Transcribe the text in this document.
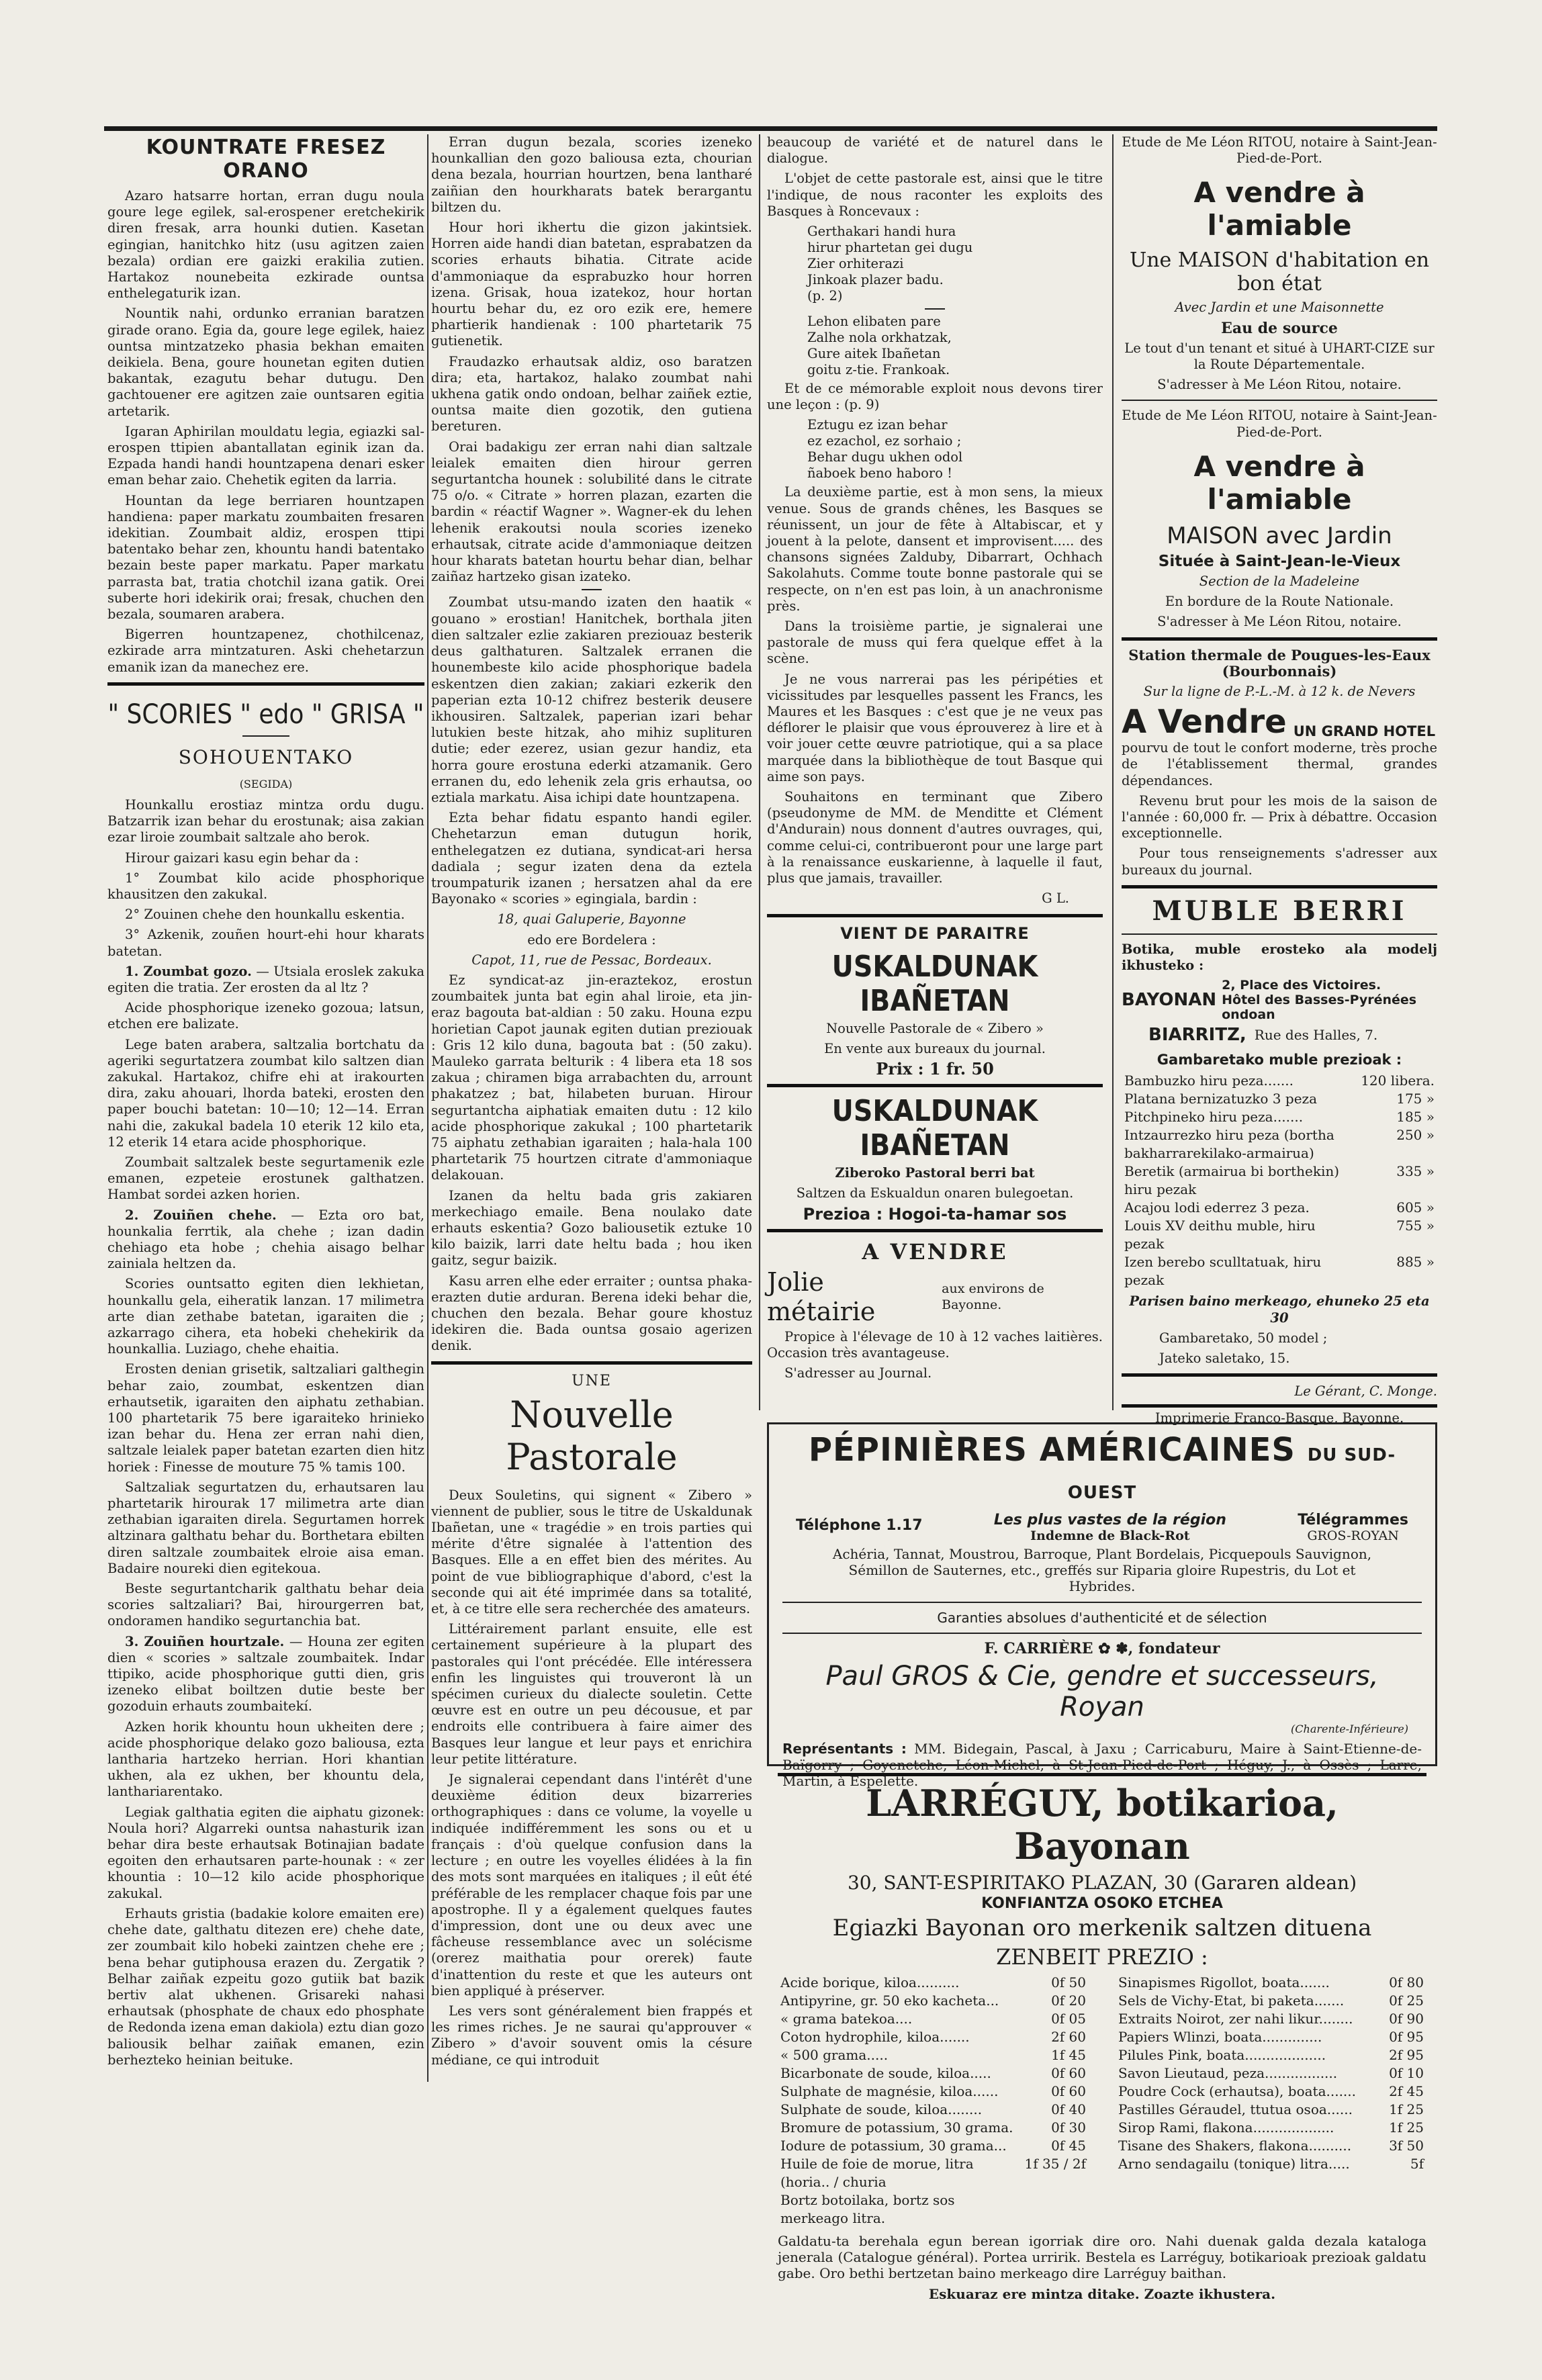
KOUNTRATE FRESEZ ORANO

Azaro hatsarre hortan, erran dugu noula goure lege egilek, sal-erospener eretchekirik diren fresak, arra hounki dutien. Kasetan egingian, hanitchko hitz (usu agitzen zaien bezala) ordian ere gaizki erakilia zutien. Hartakoz nounebeita ezkirade ountsa enthelegaturik izan.

Nountik nahi, ordunko erranian baratzen girade orano. Egia da, goure lege egilek, haiez ountsa mintzatzeko phasia bekhan emaiten deikiela. Bena, goure hounetan egiten dutien bakantak, ezagutu behar dutugu. Den gachtouener ere agitzen zaie ountsaren egitia artetarik.

Igaran Aphirilan mouldatu legia, egiazki sal-erospen ttipien abantallatan eginik izan da. Ezpada handi handi hountzapena denari esker eman behar zaio. Chehetik egiten da larria.

Hountan da lege berriaren hountzapen handiena: paper markatu zoumbaiten fresaren idekitian. Zoumbait aldiz, erospen ttipi batentako behar zen, khountu handi batentako bezain beste paper markatu. Paper markatu parrasta bat, tratia chotchil izana gatik. Orei suberte hori idekirik orai; fresak, chuchen den bezala, soumaren arabera.

Bigerren hountzapenez, chothilcenaz, ezkirade arra mintzaturen. Aski chehetarzun emanik izan da manechez ere.

" SCORIES " edo " GRISA "
SOHOUENTAKO
(SEGIDA)

Hounkallu erostiaz mintza ordu dugu. Batzarrik izan behar du erostunak; aisa zakian ezar liroie zoumbait saltzale aho berok.

Hirour gaizari kasu egin behar da :

1° Zoumbat kilo acide phosphorique khausitzen den zakukal.

2° Zouinen chehe den hounkallu eskentia.

3° Azkenik, zouñen hourt-ehi hour kharats batetan.

1. Zoumbat gozo. — Utsiala eroslek zakuka egiten die tratia. Zer erosten da al ltz ?

Acide phosphorique izeneko gozoua; latsun, etchen ere balizate.

Lege baten arabera, saltzalia bortchatu da ageriki segurtatzera zoumbat kilo saltzen dian zakukal. Hartakoz, chifre ehi at irakourten dira, zaku ahouari, lhorda bateki, erosten den paper bouchi batetan: 10—10; 12—14. Erran nahi die, zakukal badela 10 eterik 12 kilo eta, 12 eterik 14 etara acide phosphorique.

Zoumbait saltzalek beste segurtamenik ezle emanen, ezpeteie erostunek galthatzen. Hambat sordei azken horien.

2. Zouiñen chehe. — Ezta oro bat, hounkalia ferrtik, ala chehe ; izan dadin chehiago eta hobe ; chehia aisago belhar zainiala heltzen da.

Scories ountsatto egiten dien lekhietan, hounkallu gela, eiheratik lanzan. 17 milimetra arte dian zethabe batetan, igaraiten die ; azkarrago cihera, eta hobeki chehekirik da hounkallia. Luziago, chehe ehaitia.

Erosten denian grisetik, saltzaliari galthegin behar zaio, zoumbat, eskentzen dian erhautsetik, igaraiten den aiphatu zethabian. 100 phartetarik 75 bere igaraiteko hrinieko izan behar du. Hena zer erran nahi dien, saltzale leialek paper batetan ezarten dien hitz horiek : Finesse de mouture 75 % tamis 100.

Saltzaliak segurtatzen du, erhautsaren lau phartetarik hirourak 17 milimetra arte dian zethabian igaraiten direla. Segurtamen horrek altzinara galthatu behar du. Borthetara ebilten diren saltzale zoumbaitek elroie aisa eman. Badaire noureki dien egitekoua.

Beste segurtantcharik galthatu behar deia scories saltzaliari? Bai, hirourgerren bat, ondoramen handiko segurtanchia bat.

3. Zouiñen hourtzale. — Houna zer egiten dien « scories » saltzale zoumbaitek. Indar ttipiko, acide phosphorique gutti dien, gris izeneko elibat boiltzen dutie beste ber gozoduin erhauts zoumbaitekí.

Azken horik khountu houn ukheiten dere ; acide phosphorique delako gozo baliousa, ezta lantharia hartzeko herrian. Hori khantian ukhen, ala ez ukhen, ber khountu dela, lanthariarentako.

Legiak galthatia egiten die aiphatu gizonek: Noula hori? Algarreki ountsa nahasturik izan behar dira beste erhautsak Botinajian badate egoiten den erhautsaren parte-hounak : « zer khountia : 10—12 kilo acide phosphorique zakukal.

Erhauts gristia (badakie kolore emaiten ere) chehe date, galthatu ditezen ere) chehe date, zer zoumbait kilo hobeki zaintzen chehe ere ; bena behar gutiphousa erazen du. Zergatik ? Belhar zaiñak ezpeitu gozo gutiik bat bazik bertiv alat ukhenen. Grisareki nahasi erhautsak (phosphate de chaux edo phosphate de Redonda izena eman dakiola) eztu dian gozo baliousik belhar zaiñak emanen, ezin berhezteko heinian beituke.

Erran dugun bezala, scories izeneko hounkallian den gozo baliousa ezta, chourian dena bezala, hourrian hourtzen, bena lantharé zaiñian den hourkharats batek berargantu biltzen du.

Hour hori ikhertu die gizon jakintsiek. Horren aide handi dian batetan, esprabatzen da scories erhauts bihatia. Citrate acide d'ammoniaque da esprabuzko hour horren izena. Grisak, houa izatekoz, hour hortan hourtu behar du, ez oro ezik ere, hemere phartierik handienak : 100 phartetarik 75 gutienetik.

Fraudazko erhautsak aldiz, oso baratzen dira; eta, hartakoz, halako zoumbat nahi ukhena gatik ondo ondoan, belhar zaiñek eztie, ountsa maite dien gozotik, den gutiena bereturen.

Orai badakigu zer erran nahi dian saltzale leialek emaiten dien hirour gerren segurtantcha hounek : solubilité dans le citrate 75 o/o. « Citrate » horren plazan, ezarten die bardin « réactif Wagner ». Wagner-ek du lehen lehenik erakoutsi noula scories izeneko erhautsak, citrate acide d'ammoniaque deitzen hour kharats batetan hourtu behar dian, belhar zaiñaz hartzeko gisan izateko.

Zoumbat utsu-mando izaten den haatik « gouano » erostian! Hanitchek, borthala jiten dien saltzaler ezlie zakiaren preziouaz besterik deus galthaturen. Saltzalek erranen die hounembeste kilo acide phosphorique badela eskentzen dien zakian; zakiari ezkerik den paperian ezta 10-12 chifrez besterik deusere ikhousiren. Saltzalek, paperian izari behar lutukien beste hitzak, aho mihiz suplituren dutie; eder ezerez, usian gezur handiz, eta horra goure erostuna ederki atzamanik. Gero erranen du, edo lehenik zela gris erhautsa, oo eztiala markatu. Aisa ichipi date hountzapena.

Ezta behar fidatu espanto handi egiler. Chehetarzun eman dutugun horik, enthelegatzen ez dutiana, syndicat-ari hersa dadiala ; segur izaten dena da eztela troumpaturik izanen ; hersatzen ahal da ere Bayonako « scories » egingiala, bardin :

18, quai Galuperie, Bayonne

edo ere Bordelera :

Capot, 11, rue de Pessac, Bordeaux.

Ez syndicat-az jin-eraztekoz, erostun zoumbaitek junta bat egin ahal liroie, eta jin-eraz bagouta bat-aldian : 50 zaku. Houna ezpu horietian Capot jaunak egiten dutian preziouak : Gris 12 kilo duna, bagouta bat : (50 zaku). Mauleko garrata belturik : 4 libera eta 18 sos zakua ; chiramen biga arrabachten du, arrount phakatzez ; bat, hilabeten buruan. Hirour segurtantcha aiphatiak emaiten dutu : 12 kilo acide phosphorique zakukal ; 100 phartetarik 75 aiphatu zethabian igaraiten ; hala-hala 100 phartetarik 75 hourtzen citrate d'ammoniaque delakouan.

Izanen da heltu bada gris zakiaren merkechiago emaile. Bena noulako date erhauts eskentia? Gozo baliousetik eztuke 10 kilo baizik, larri date heltu bada ; hou iken gaitz, segur baizik.

Kasu arren elhe eder erraiter ; ountsa phaka-erazten dutie arduran. Berena ideki behar die, chuchen den bezala. Behar goure khostuz idekiren die. Bada ountsa gosaio agerizen denik.

UNE
Nouvelle Pastorale

Deux Souletins, qui signent « Zibero » viennent de publier, sous le titre de Uskaldunak Ibañetan, une « tragédie » en trois parties qui mérite d'être signalée à l'attention des Basques. Elle a en effet bien des mérites. Au point de vue bibliographique d'abord, c'est la seconde qui ait été imprimée dans sa totalité, et, à ce titre elle sera recherchée des amateurs.

Littérairement parlant ensuite, elle est certainement supérieure à la plupart des pastorales qui l'ont précédée. Elle intéressera enfin les linguistes qui trouveront là un spécimen curieux du dialecte souletin. Cette œuvre est en outre un peu décousue, et par endroits elle contribuera à faire aimer des Basques leur langue et leur pays et enrichira leur petite littérature.

Je signalerai cependant dans l'intérêt d'une deuxième édition deux bizarreries orthographiques : dans ce volume, la voyelle u indiquée indifféremment les sons ou et u français : d'où quelque confusion dans la lecture ; en outre les voyelles élidées à la fin des mots sont marquées en italiques ; il eût été préférable de les remplacer chaque fois par une apostrophe. Il y a également quelques fautes d'impression, dont une ou deux avec une fâcheuse ressemblance avec un solécisme (orerez maithatia pour orerek) faute d'inattention du reste et que les auteurs ont bien appliqué à préserver.

Les vers sont généralement bien frappés et les rimes riches. Je ne saurai qu'approuver « Zibero » d'avoir souvent omis la césure médiane, ce qui introduit

beaucoup de variété et de naturel dans le dialogue.

L'objet de cette pastorale est, ainsi que le titre l'indique, de nous raconter les exploits des Basques à Roncevaux :

Gerthakari handi hura
hirur phartetan gei dugu
Zier orhiterazi
Jinkoak plazer badu.
(p. 2)
Lehon elibaten pare
Zalhe nola orkhatzak,
Gure aitek Ibañetan
goitu z-tie. Frankoak.

Et de ce mémorable exploit nous devons tirer une leçon : (p. 9)

Eztugu ez izan behar
ez ezachol, ez sorhaio ;
Behar dugu ukhen odol
ñaboek beno haboro !

La deuxième partie, est à mon sens, la mieux venue. Sous de grands chênes, les Basques se réunissent, un jour de fête à Altabiscar, et y jouent à la pelote, dansent et improvisent..... des chansons signées Zalduby, Dibarrart, Ochhach Sakolahuts. Comme toute bonne pastorale qui se respecte, on n'en est pas loin, à un anachronisme près.

Dans la troisième partie, je signalerai une pastorale de muss qui fera quelque effet à la scène.

Je ne vous narrerai pas les péripéties et vicissitudes par lesquelles passent les Francs, les Maures et les Basques : c'est que je ne veux pas déflorer le plaisir que vous éprouverez à lire et à voir jouer cette œuvre patriotique, qui a sa place marquée dans la bibliothèque de tout Basque qui aime son pays.

Souhaitons en terminant que Zibero (pseudonyme de MM. de Menditte et Clément d'Andurain) nous donnent d'autres ouvrages, qui, comme celui-ci, contribueront pour une large part à la renaissance euskarienne, à laquelle il faut, plus que jamais, travailler.

G L.

VIENT DE PARAITRE
USKALDUNAK IBAÑETAN

Nouvelle Pastorale de « Zibero »

En vente aux bureaux du journal.

Prix : 1 fr. 50

USKALDUNAK IBAÑETAN

Ziberoko Pastoral berri bat

Saltzen da Eskualdun onaren bulegoetan.

Prezioa : Hogoi-ta-hamar sos

A VENDRE
Jolie métairie
aux environs de Bayonne.

Propice à l'élevage de 10 à 12 vaches laitières. Occasion très avantageuse.

S'adresser au Journal.

Etude de Me Léon RITOU, notaire à Saint-Jean-Pied-de-Port.

A vendre à l'amiable
Une MAISON d'habitation en bon état

Avec Jardin et une Maisonnette

Eau de source

Le tout d'un tenant et situé à UHART-CIZE sur la Route Départementale.

S'adresser à Me Léon Ritou, notaire.

Etude de Me Léon RITOU, notaire à Saint-Jean-Pied-de-Port.

A vendre à l'amiable
MAISON avec Jardin

Située à Saint-Jean-le-Vieux

Section de la Madeleine

En bordure de la Route Nationale.

S'adresser à Me Léon Ritou, notaire.

Station thermale de Pougues-les-Eaux (Bourbonnais)

Sur la ligne de P.-L.-M. à 12 k. de Nevers

A Vendre UN GRAND HOTEL

pourvu de tout le confort moderne, très proche de l'établissement thermal, grandes dépendances.

Revenu brut pour les mois de la saison de l'année : 60,000 fr. — Prix à débattre. Occasion exceptionnelle.

Pour tous renseignements s'adresser aux bureaux du journal.

MUBLE BERRI

Botika, muble erosteko ala modelj ikhusteko :

BAYONAN
2, Place des Victoires.
Hôtel des Basses-Pyrénées ondoan
BIARRITZ, Rue des Halles, 7.

Gambaretako muble prezioak :

Bambuzko hiru peza.......	120 libera.
Platana bernizatuzko 3 peza	175 »
Pitchpineko hiru peza.......	185 »
Intzaurrezko hiru peza (bortha bakharrarekilako-armairua)	250 »
Beretik (armairua bi borthekin) hiru pezak	335 »
Acajou lodi ederrez 3 peza.	605 »
Louis XV deithu muble, hiru pezak	755 »
Izen berebo sculltatuak, hiru pezak	885 »

Parisen baino merkeago, ehuneko 25 eta 30

Gambaretako, 50 model ;

Jateko saletako, 15.

Le Gérant, C. Monge.

Imprimerie Franco-Basque, Bayonne.

PÉPINIÈRES AMÉRICAINES DU SUD-OUEST
Téléphone 1.17	Les plus vastes de la région
Indemne de Black-Rot
Télégrammes
GROS-ROYAN

Achéria, Tannat, Moustrou, Barroque, Plant Bordelais, Picquepouls Sauvignon, Sémillon de Sauternes, etc., greffés sur Riparia gloire Rupestris, du Lot et Hybrides.

Garanties absolues d'authenticité et de sélection

F. CARRIÈRE ✿ ✽, fondateur

Paul GROS & Cie, gendre et successeurs, Royan
(Charente-Inférieure)

Représentants : MM. Bidegain, Pascal, à Jaxu ; Carricaburu, Maire à Saint-Etienne-de-Baïgorry ; Goyenetche, Léon-Michel, à St-Jean-Pied-de-Port ; Héguy, J., à Ossès ; Larre, Martin, à Espelette.

LARRÉGUY, botikarioa, Bayonan
30, SANT-ESPIRITAKO PLAZAN, 30 (Gararen aldean)
KONFIANTZA OSOKO ETCHEA
Egiazki Bayonan oro merkenik saltzen dituena
ZENBEIT PREZIO :
Acide borique, kiloa..........	0f 50
Antipyrine, gr. 50 eko kacheta...	0f 20
« grama batekoa....	0f 05
Coton hydrophile, kiloa.......	2f 60
« 500 grama.....	1f 45
Bicarbonate de soude, kiloa.....	0f 60
Sulphate de magnésie, kiloa......	0f 60
Sulphate de soude, kiloa........	0f 40
Bromure de potassium, 30 grama.	0f 30
Iodure de potassium, 30 grama...	0f 45
Huile de foie de morue, litra (horia.. / churia	1f 35 / 2f
Bortz botoilaka, bortz sos merkeago litra.	
Sinapismes Rigollot, boata.......	0f 80
Sels de Vichy-Etat, bi paketa.......	0f 25
Extraits Noirot, zer nahi likur........	0f 90
Papiers Wlinzi, boata..............	0f 95
Pilules Pink, boata...................	2f 95
Savon Lieutaud, peza.................	0f 10
Poudre Cock (erhautsa), boata.......	2f 45
Pastilles Géraudel, ttutua osoa......	1f 25
Sirop Rami, flakona...................	1f 25
Tisane des Shakers, flakona..........	3f 50
Arno sendagailu (tonique) litra.....	5f

Galdatu-ta berehala egun berean igorriak dire oro. Nahi duenak galda dezala kataloga jenerala (Catalogue général). Portea urririk. Bestela es Larréguy, botikarioak prezioak galdatu gabe. Oro bethi bertzetan baino merkeago dire Larréguy baithan.

Eskuaraz ere mintza ditake. Zoazte ikhustera.
